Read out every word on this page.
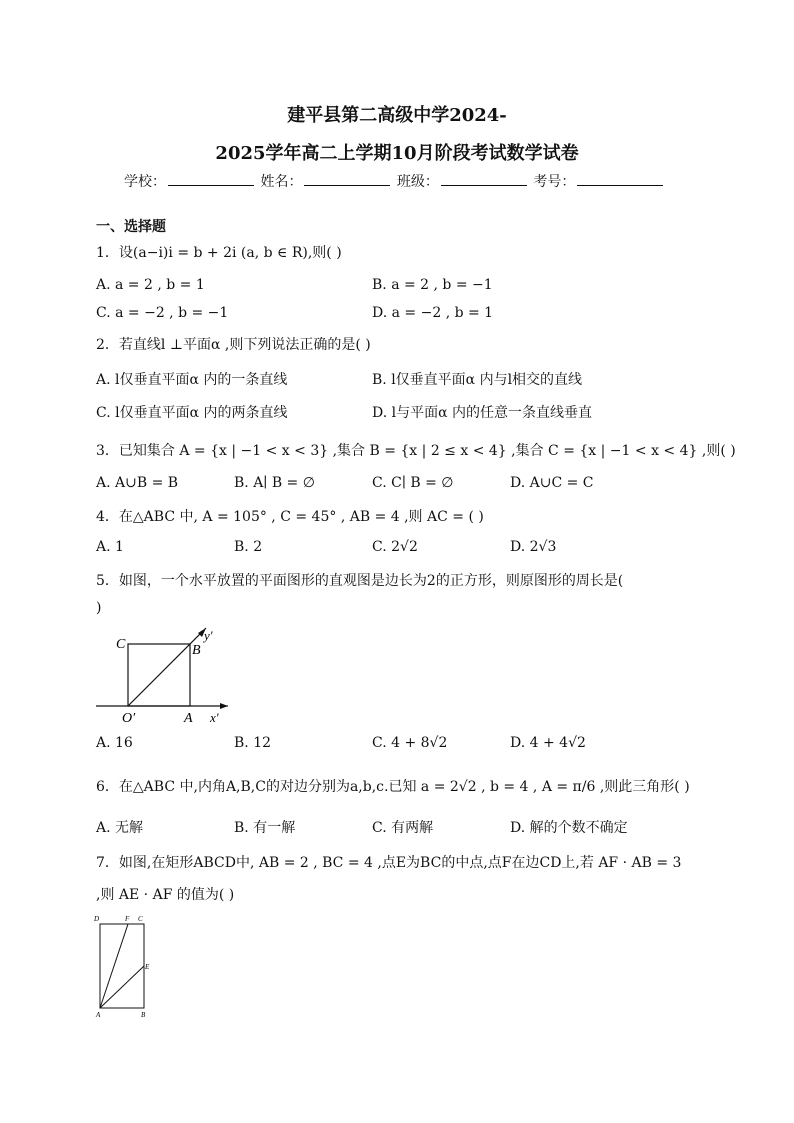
建平县第二高级中学2024-
2025学年高二上学期10月阶段考试数学试卷
学校：	姓名：	班级：	考号：
一、选择题
1．设(a−i)i = b + 2i (a, b ∈ R),则( )
A. a = 2 , b = 1	B. a = 2 , b = −1
C. a = −2 , b = −1	D. a = −2 , b = 1
2．若直线l ⊥平面α ,则下列说法正确的是( )
A. l仅垂直平面α 内的一条直线	B. l仅垂直平面α 内与l相交的直线
C. l仅垂直平面α 内的两条直线	D. l与平面α 内的任意一条直线垂直
3．已知集合 A = {x | −1 < x < 3} ,集合 B = {x | 2 ≤ x < 4} ,集合 C = {x | −1 < x < 4} ,则( )
A. A∪B = B	B. A∣ B = ∅	C. C∣ B = ∅	D. A∪C = C
4．在△ABC 中, A = 105° , C = 45° , AB = 4 ,则 AC = ( )
A. 1	B. 2	C. 2√2	D. 2√3
5．如图，一个水平放置的平面图形的直观图是边长为2的正方形，则原图形的周长是(
)
C	B
y′
O′	A x′
A. 16	B. 12	C. 4 + 8√2	D. 4 + 4√2
6．在△ABC 中,内角A,B,C的对边分别为a,b,c.已知 a = 2√2 , b = 4 , A = π/6 ,则此三角形( )
A. 无解	B. 有一解	C. 有两解	D. 解的个数不确定
7．如图,在矩形ABCD中, AB = 2 , BC = 4 ,点E为BC的中点,点F在边CD上,若 AF · AB = 3
,则 AE · AF 的值为( )
D	F C
E
A	B
